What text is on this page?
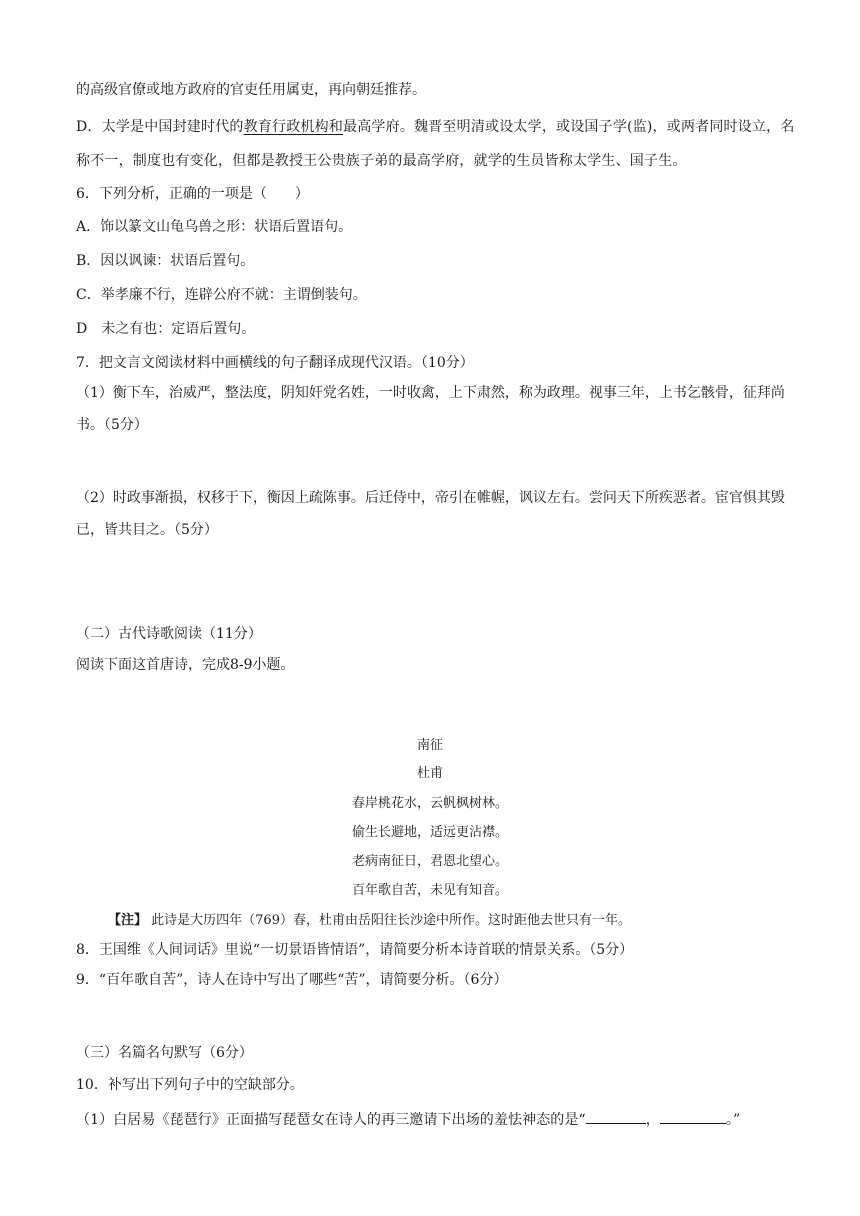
的高级官僚或地方政府的官吏任用属吏，再向朝廷推荐。
D．太学是中国封建时代的教育行政机构和最高学府。魏晋至明清或设太学，或设国子学(监)，或两者同时设立，名称不一，制度也有变化，但都是教授王公贵族子弟的最高学府，就学的生员皆称太学生、国子生。
6．下列分析，正确的一项是（　　）
A．饰以篆文山龟乌兽之形：状语后置语句。
B．因以讽谏：状语后置句。
C．举孝廉不行，连辟公府不就：主谓倒装句。
D　未之有也：定语后置句。
7．把文言文阅读材料中画横线的句子翻译成现代汉语。（10分）
（1）衡下车，治威严，整法度，阴知奸党名姓，一时收禽，上下肃然，称为政理。视事三年，上书乞骸骨，征拜尚书。（5分）
（2）时政事渐损，权移于下，衡因上疏陈事。后迁侍中，帝引在帷幄，讽议左右。尝问天下所疾恶者。宦官惧其毁已，皆共目之。（5分）
（二）古代诗歌阅读（11分）
阅读下面这首唐诗，完成8-9小题。
南征
杜甫
春岸桃花水，云帆枫树林。
偷生长避地，适远更沾襟。
老病南征日，君恩北望心。
百年歌自苦，未见有知音。
【注】 此诗是大历四年（769）春，杜甫由岳阳往长沙途中所作。这时距他去世只有一年。
8．王国维《人间词话》里说“一切景语皆情语”，请简要分析本诗首联的情景关系。（5分）
9．“百年歌自苦”，诗人在诗中写出了哪些“苦”，请简要分析。（6分）
（三）名篇名句默写（6分）
10．补写出下列句子中的空缺部分。
（1）白居易《琵琶行》正面描写琵琶女在诗人的再三邀请下出场的羞怯神态的是“	，	。”
